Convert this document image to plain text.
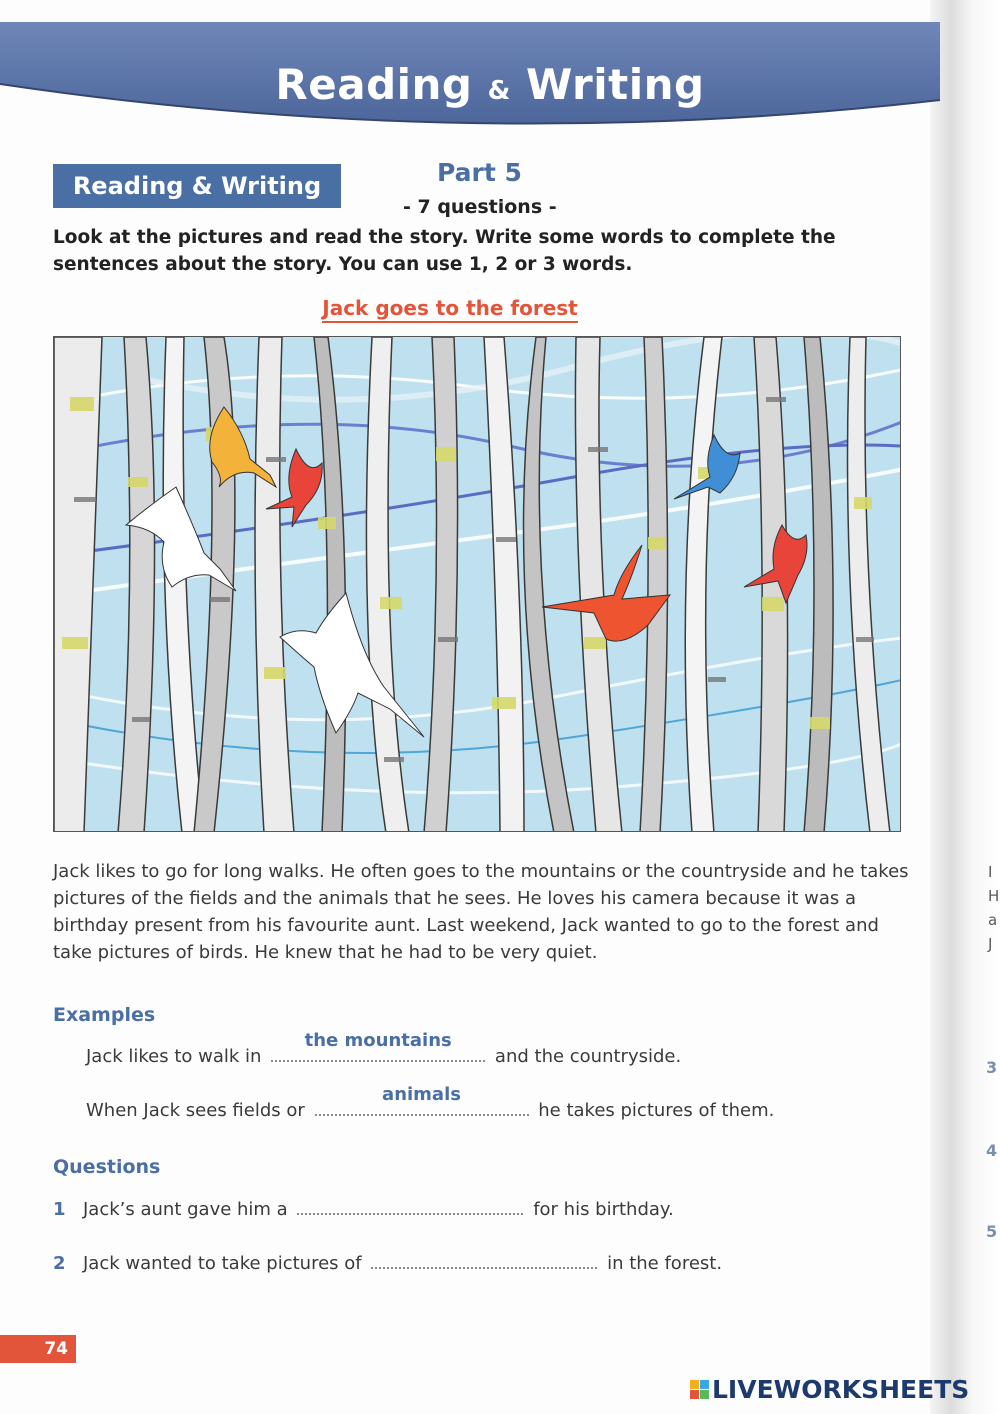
I
H
a
J
3
4
5
Reading & Writing
Reading & Writing	Part 5
- 7 questions -
Look at the pictures and read the story. Write some words to complete the sentences about the story. You can use 1, 2 or 3 words.
Jack goes to the forest
Jack likes to go for long walks. He often goes to the mountains or the countryside and he takes pictures of the fields and the animals that he sees. He loves his camera because it was a birthday present from his favourite aunt. Last weekend, Jack wanted to go to the forest and take pictures of birds. He knew that he had to be very quiet.
Examples
Jack likes to walk in
the mountains
and the countryside.
When Jack sees fields or
animals
he takes pictures of them.
Questions
1 Jack’s aunt gave him a	for his birthday.
2 Jack wanted to take pictures of	in the forest.
74
LIVEWORKSHEETS
